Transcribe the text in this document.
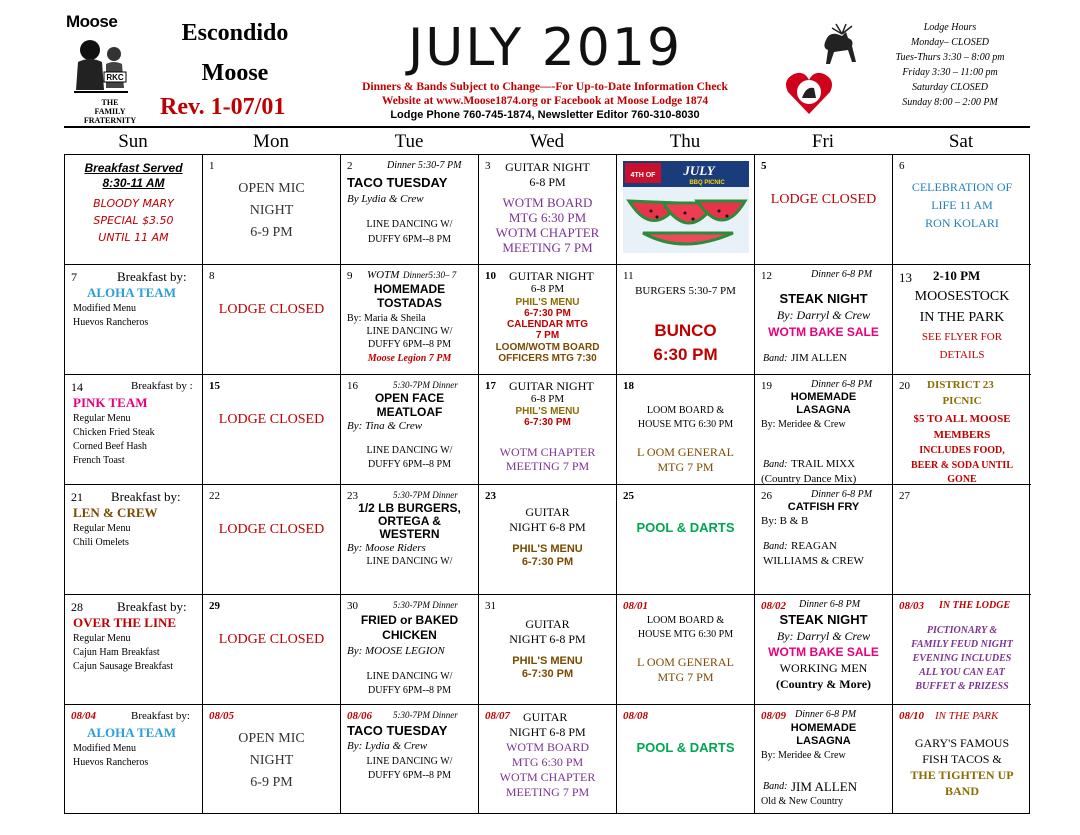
Moose
RKC
THE
FAMILY
FRATERNITY
Escondido
Moose
Rev. 1-07/01
JULY 2019
Dinners & Bands Subject to Change—-For Up-to-Date Information Check
Website at www.Moose1874.org or Facebook at Moose Lodge 1874
Lodge Phone 760-745-1874, Newsletter Editor 760-310-8030
Lodge Hours
Monday– CLOSED
Tues-Thurs 3:30 – 8:00 pm
Friday 3:30 – 11:00 pm
Saturday CLOSED
Sunday 8:00 – 2:00 PM
Sun	Mon	Tue	Wed	Thu	Fri	Sat
Breakfast Served
8:30-11 AM
BLOODY MARY
SPECIAL $3.50
UNTIL 11 AM
1
OPEN MIC
NIGHT
6-9 PM
2	Dinner 5:30-7 PM
TACO TUESDAY
By Lydia & Crew
LINE DANCING W/
DUFFY 6PM--8 PM
3	GUITAR NIGHT
6-8 PM
WOTM BOARD
MTG 6:30 PM
WOTM CHAPTER
MEETING 7 PM
4TH OF JULY
BBQ PICNIC
5
LODGE CLOSED
6
CELEBRATION OF
LIFE 11 AM
RON KOLARI
7	Breakfast by:
ALOHA TEAM
Modified Menu
Huevos Rancheros
8
LODGE CLOSED
9 WOTM Dinner5:30– 7
HOMEMADE
TOSTADAS
By: Maria & Sheila
LINE DANCING W/
DUFFY 6PM--8 PM
Moose Legion 7 PM
10 GUITAR NIGHT
6-8 PM
PHIL'S MENU
6-7:30 PM
CALENDAR MTG
7 PM
LOOM/WOTM BOARD
OFFICERS MTG 7:30
11
BURGERS 5:30-7 PM
BUNCO
6:30 PM
12	Dinner 6-8 PM
STEAK NIGHT
By: Darryl & Crew
WOTM BAKE SALE
Band: JIM ALLEN
13 2-10 PM
MOOSESTOCK
IN THE PARK
SEE FLYER FOR
DETAILS
14	Breakfast by :
PINK TEAM
Regular Menu
Chicken Fried Steak
Corned Beef Hash
French Toast
15
LODGE CLOSED
16	5:30-7PM Dinner
OPEN FACE
MEATLOAF
By: Tina & Crew
LINE DANCING W/
DUFFY 6PM--8 PM
17 GUITAR NIGHT
6-8 PM
PHIL'S MENU
6-7:30 PM
WOTM CHAPTER
MEETING 7 PM
18
LOOM BOARD &
HOUSE MTG 6:30 PM
L OOM GENERAL
MTG 7 PM
19	Dinner 6-8 PM
HOMEMADE
LASAGNA
By: Meridee & Crew
Band: TRAIL MIXX
(Country Dance Mix)
20 DISTRICT 23
PICNIC
$5 TO ALL MOOSE
MEMBERS
INCLUDES FOOD,
BEER & SODA UNTIL
GONE
21 Breakfast by:
LEN & CREW
Regular Menu
Chili Omelets
22
LODGE CLOSED
23	5:30-7PM Dinner
1/2 LB BURGERS,
ORTEGA &
WESTERN
By: Moose Riders
LINE DANCING W/
23
GUITAR
NIGHT 6-8 PM
PHIL'S MENU
6-7:30 PM
25
POOL & DARTS
26	Dinner 6-8 PM
CATFISH FRY
By: B & B
Band: REAGAN
WILLIAMS & CREW
27
28	Breakfast by:
OVER THE LINE
Regular Menu
Cajun Ham Breakfast
Cajun Sausage Breakfast
29
LODGE CLOSED
30	5:30-7PM Dinner
FRIED or BAKED
CHICKEN
By: MOOSE LEGION
LINE DANCING W/
DUFFY 6PM--8 PM
31
GUITAR
NIGHT 6-8 PM
PHIL'S MENU
6-7:30 PM
08/01
LOOM BOARD &
HOUSE MTG 6:30 PM
L OOM GENERAL
MTG 7 PM
08/02 Dinner 6-8 PM
STEAK NIGHT
By: Darryl & Crew
WOTM BAKE SALE
WORKING MEN
(Country & More)
08/03 IN THE LODGE
PICTIONARY &
FAMILY FEUD NIGHT
EVENING INCLUDES
ALL YOU CAN EAT
BUFFET & PRIZESS
08/04	Breakfast by:
ALOHA TEAM
Modified Menu
Huevos Rancheros
08/05
OPEN MIC
NIGHT
6-9 PM
08/06 5:30-7PM Dinner
TACO TUESDAY
By: Lydia & Crew
LINE DANCING W/
DUFFY 6PM--8 PM
08/07 GUITAR
NIGHT 6-8 PM
WOTM BOARD
MTG 6:30 PM
WOTM CHAPTER
MEETING 7 PM
08/08
POOL & DARTS
08/09 Dinner 6-8 PM
HOMEMADE
LASAGNA
By: Meridee & Crew
Band: JIM ALLEN
Old & New Country
08/10 IN THE PARK
GARY'S FAMOUS
FISH TACOS &
THE TIGHTEN UP
BAND
